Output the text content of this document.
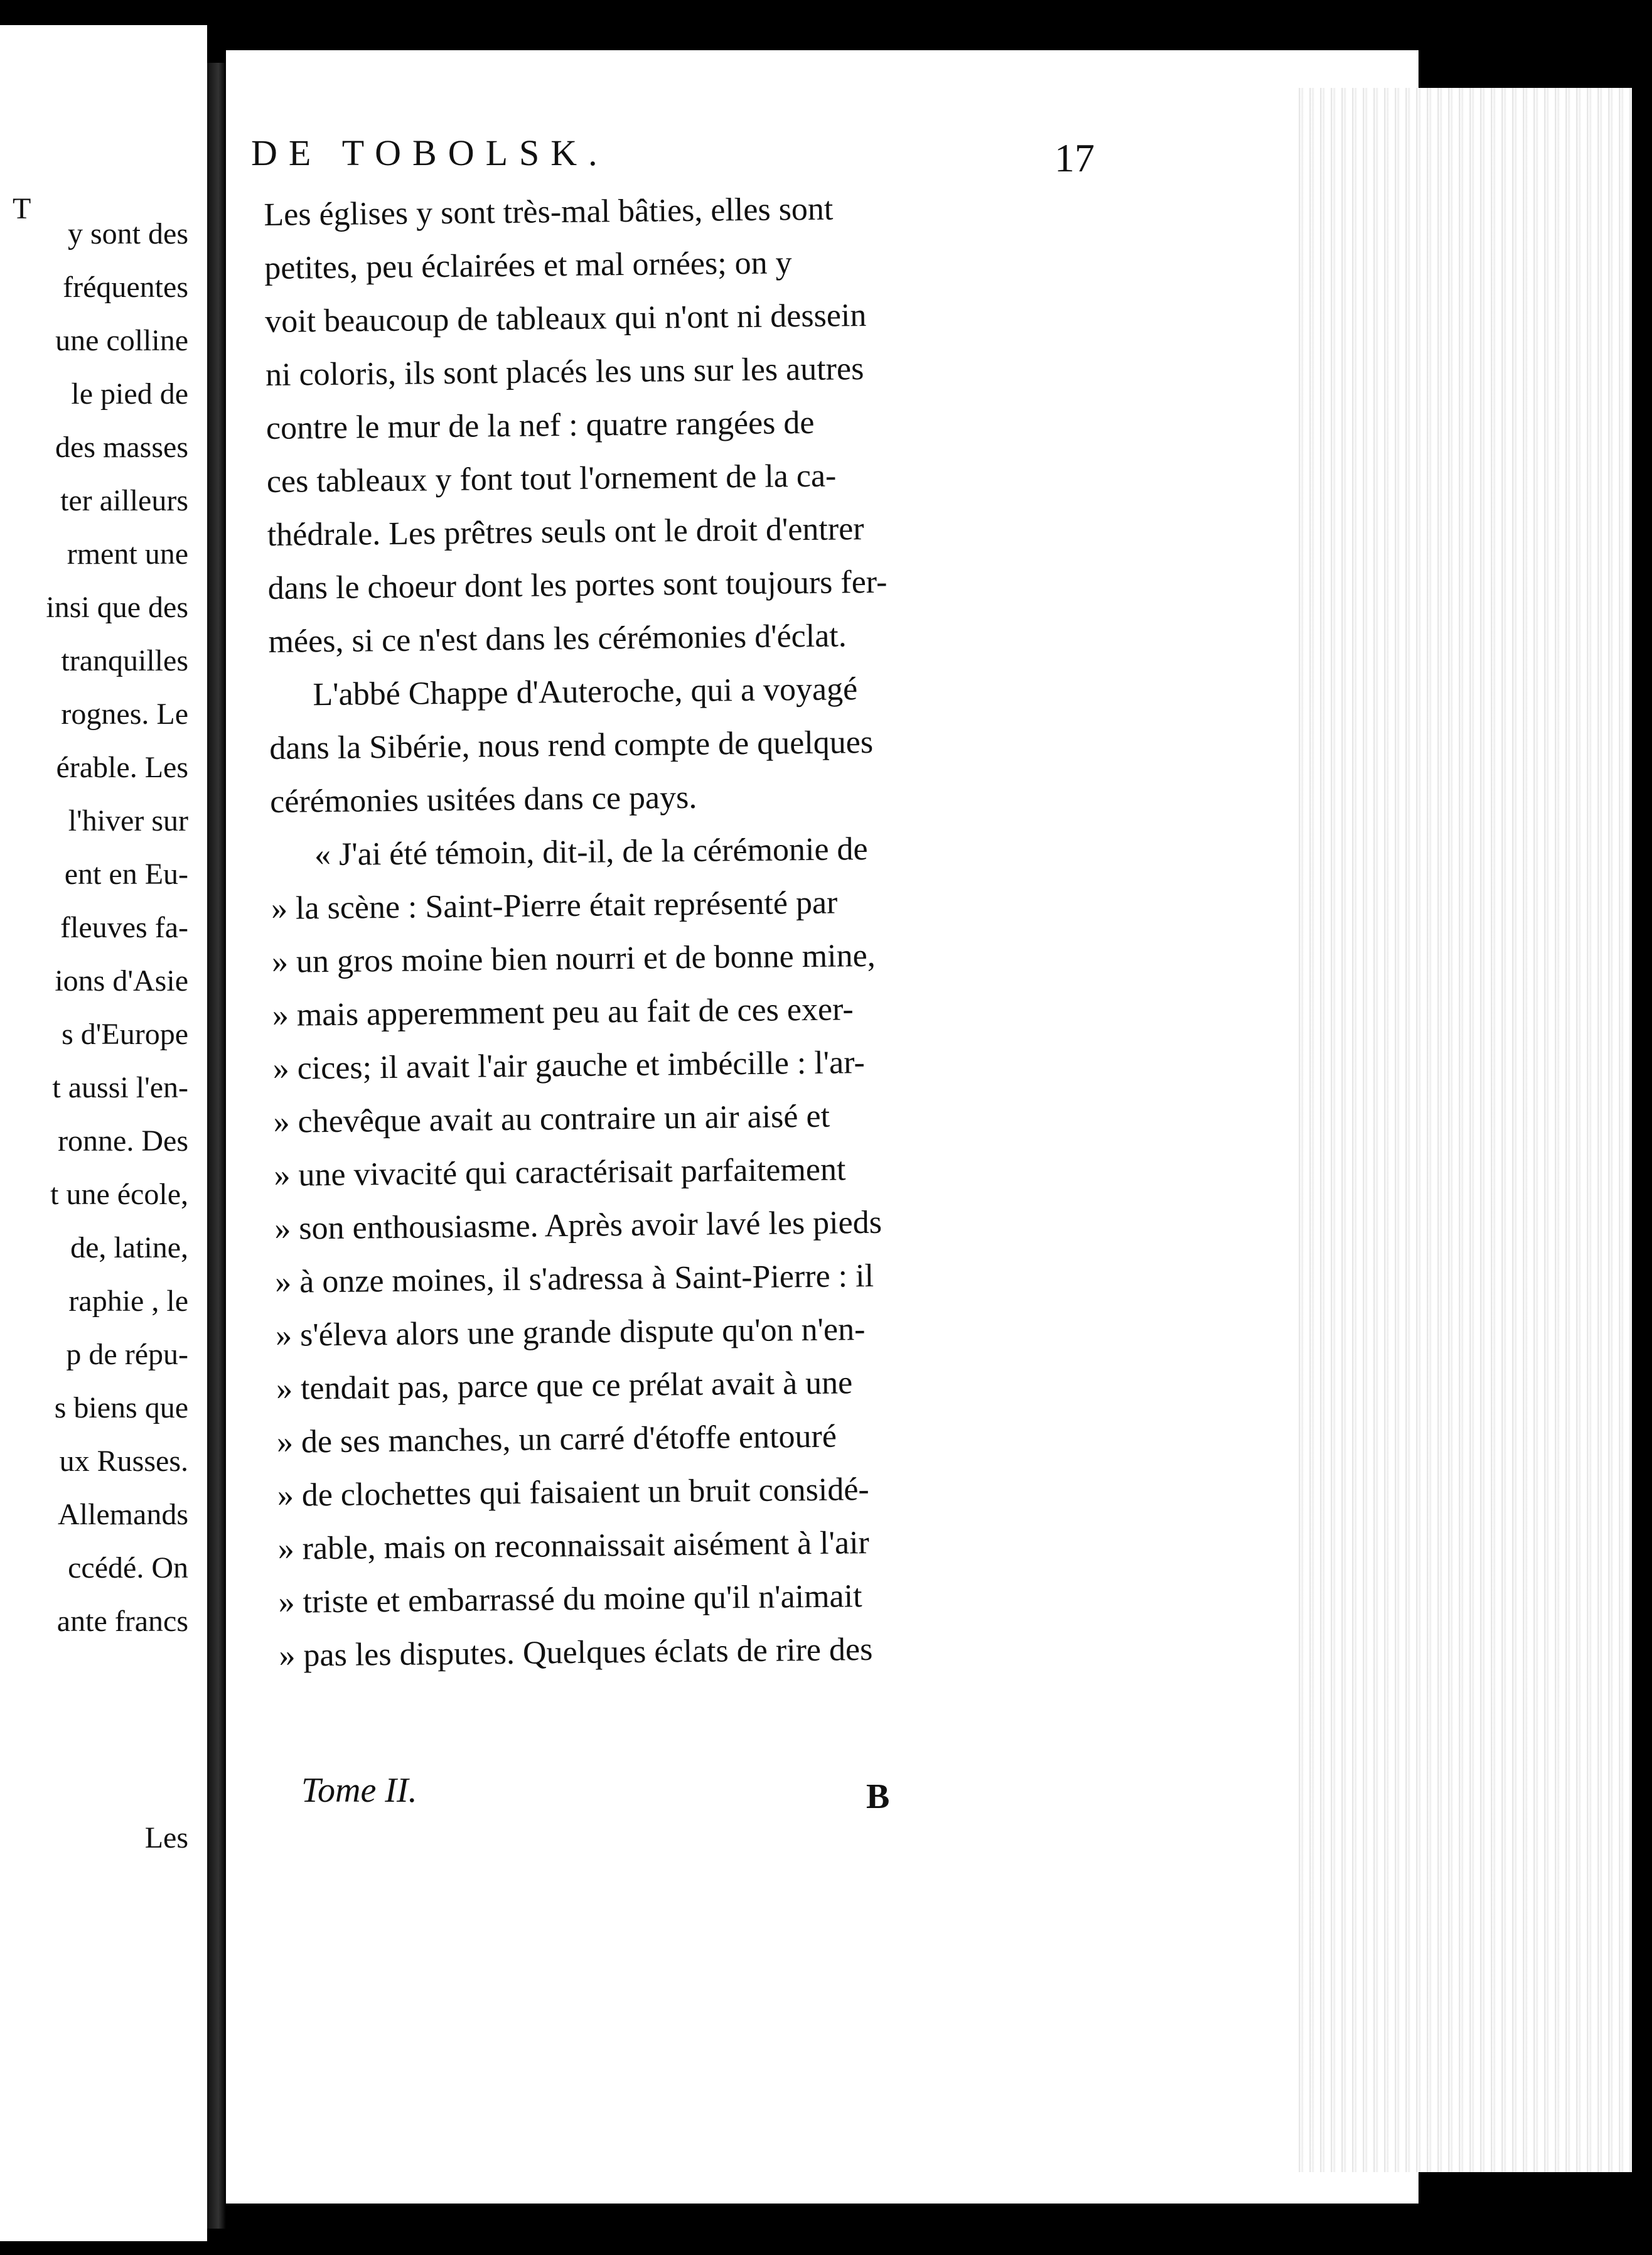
T
y sont des
fréquentes
une colline
le pied de
des masses
ter ailleurs
rment une
insi que des
tranquilles
rognes. Le
érable. Les
l'hiver sur
ent en Eu-
fleuves fa-
ions d'Asie
s d'Europe
t aussi l'en-
ronne. Des
t une école,
de, latine,
raphie , le
p de répu-
s biens que
ux Russes.
Allemands
ccédé. On
ante francs
Les
DE TOBOLSK.	17
Les églises y sont très-mal bâties, elles sont
petites, peu éclairées et mal ornées; on y
voit beaucoup de tableaux qui n'ont ni dessein
ni coloris, ils sont placés les uns sur les autres
contre le mur de la nef : quatre rangées de
ces tableaux y font tout l'ornement de la ca-
thédrale. Les prêtres seuls ont le droit d'entrer
dans le choeur dont les portes sont toujours fer-
mées, si ce n'est dans les cérémonies d'éclat.
L'abbé Chappe d'Auteroche, qui a voyagé
dans la Sibérie, nous rend compte de quelques
cérémonies usitées dans ce pays.
« J'ai été témoin, dit-il, de la cérémonie de
» la scène : Saint-Pierre était représenté par
» un gros moine bien nourri et de bonne mine,
» mais apperemment peu au fait de ces exer-
» cices; il avait l'air gauche et imbécille : l'ar-
» chevêque avait au contraire un air aisé et
» une vivacité qui caractérisait parfaitement
» son enthousiasme. Après avoir lavé les pieds
» à onze moines, il s'adressa à Saint-Pierre : il
» s'éleva alors une grande dispute qu'on n'en-
» tendait pas, parce que ce prélat avait à une
» de ses manches, un carré d'étoffe entouré
» de clochettes qui faisaient un bruit considé-
» rable, mais on reconnaissait aisément à l'air
» triste et embarrassé du moine qu'il n'aimait
» pas les disputes. Quelques éclats de rire des
Tome II.	B
